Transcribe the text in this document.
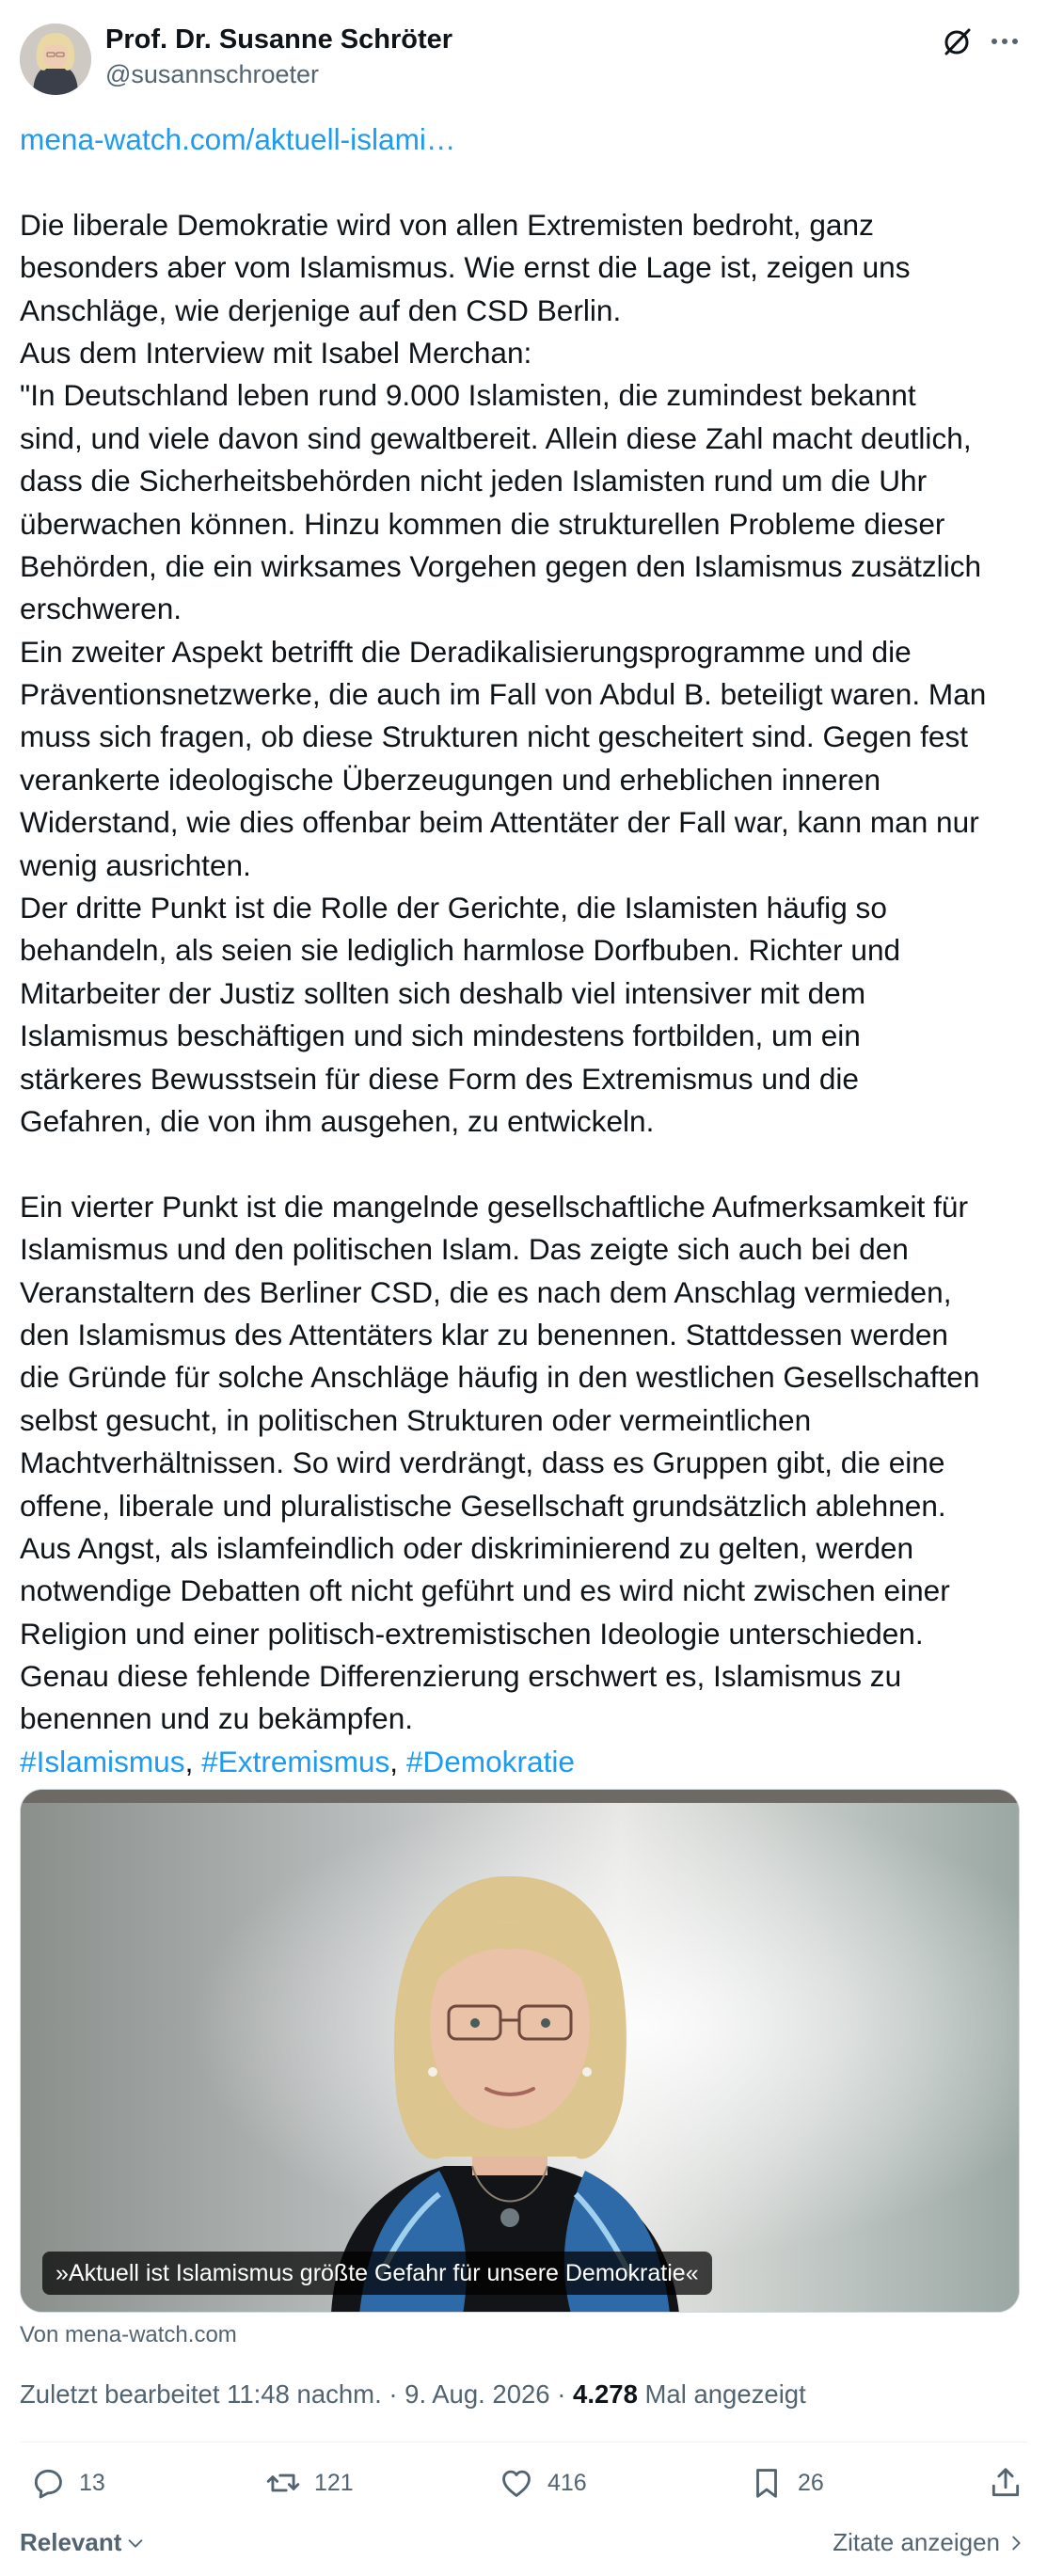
Prof. Dr. Susanne Schröter
@susannschroeter
mena-watch.com/aktuell-islami…
Die liberale Demokratie wird von allen Extremisten bedroht, ganz
besonders aber vom Islamismus. Wie ernst die Lage ist, zeigen uns
Anschläge, wie derjenige auf den CSD Berlin.
Aus dem Interview mit Isabel Merchan:
"In Deutschland leben rund 9.000 Islamisten, die zumindest bekannt
sind, und viele davon sind gewaltbereit. Allein diese Zahl macht deutlich,
dass die Sicherheitsbehörden nicht jeden Islamisten rund um die Uhr
überwachen können. Hinzu kommen die strukturellen Probleme dieser
Behörden, die ein wirksames Vorgehen gegen den Islamismus zusätzlich
erschweren.
Ein zweiter Aspekt betrifft die Deradikalisierungsprogramme und die
Präventionsnetzwerke, die auch im Fall von Abdul B. beteiligt waren. Man
muss sich fragen, ob diese Strukturen nicht gescheitert sind. Gegen fest
verankerte ideologische Überzeugungen und erheblichen inneren
Widerstand, wie dies offenbar beim Attentäter der Fall war, kann man nur
wenig ausrichten.
Der dritte Punkt ist die Rolle der Gerichte, die Islamisten häufig so
behandeln, als seien sie lediglich harmlose Dorfbuben. Richter und
Mitarbeiter der Justiz sollten sich deshalb viel intensiver mit dem
Islamismus beschäftigen und sich mindestens fortbilden, um ein
stärkeres Bewusstsein für diese Form des Extremismus und die
Gefahren, die von ihm ausgehen, zu entwickeln.
Ein vierter Punkt ist die mangelnde gesellschaftliche Aufmerksamkeit für
Islamismus und den politischen Islam. Das zeigte sich auch bei den
Veranstaltern des Berliner CSD, die es nach dem Anschlag vermieden,
den Islamismus des Attentäters klar zu benennen. Stattdessen werden
die Gründe für solche Anschläge häufig in den westlichen Gesellschaften
selbst gesucht, in politischen Strukturen oder vermeintlichen
Machtverhältnissen. So wird verdrängt, dass es Gruppen gibt, die eine
offene, liberale und pluralistische Gesellschaft grundsätzlich ablehnen.
Aus Angst, als islamfeindlich oder diskriminierend zu gelten, werden
notwendige Debatten oft nicht geführt und es wird nicht zwischen einer
Religion und einer politisch-extremistischen Ideologie unterschieden.
Genau diese fehlende Differenzierung erschwert es, Islamismus zu
benennen und zu bekämpfen.
#Islamismus, #Extremismus, #Demokratie
»Aktuell ist Islamismus größte Gefahr für unsere Demokratie«
Von mena-watch.com
Zuletzt bearbeitet 11:48 nachm. · 9. Aug. 2026 · 4.278 Mal angezeigt
13	121	416	26
Relevant	Zitate anzeigen
